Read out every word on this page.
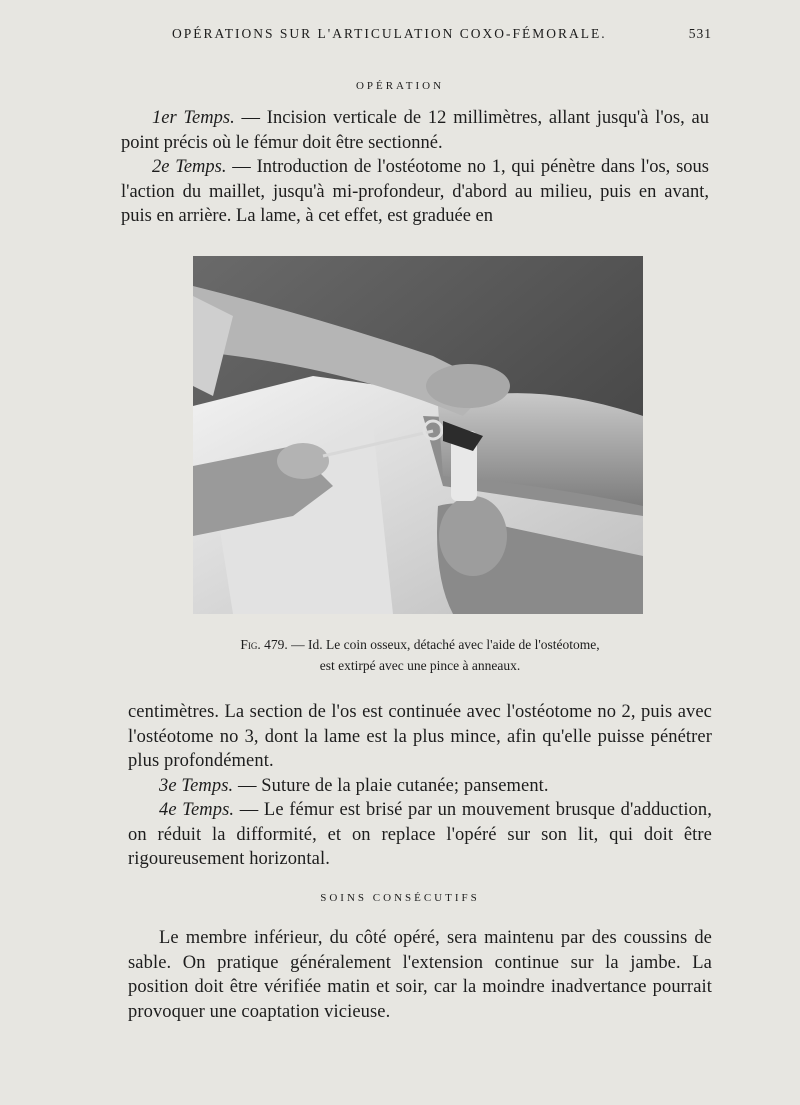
OPÉRATIONS SUR L'ARTICULATION COXO-FÉMORALE.	531
OPÉRATION

1er Temps. — Incision verticale de 12 millimètres, allant jusqu'à l'os, au point précis où le fémur doit être sectionné.

2e Temps. — Introduction de l'ostéotome no 1, qui pénètre dans l'os, sous l'action du maillet, jusqu'à mi-profondeur, d'abord au milieu, puis en avant, puis en arrière. La lame, à cet effet, est graduée en

Fig. 479. — Id. Le coin osseux, détaché avec l'aide de l'ostéotome,
est extirpé avec une pince à anneaux.

centimètres. La section de l'os est continuée avec l'ostéotome no 2, puis avec l'ostéotome no 3, dont la lame est la plus mince, afin qu'elle puisse pénétrer plus profondément.

3e Temps. — Suture de la plaie cutanée; pansement.

4e Temps. — Le fémur est brisé par un mouvement brusque d'adduction, on réduit la difformité, et on replace l'opéré sur son lit, qui doit être rigoureusement horizontal.

SOINS CONSÉCUTIFS

Le membre inférieur, du côté opéré, sera maintenu par des coussins de sable. On pratique généralement l'extension continue sur la jambe. La position doit être vérifiée matin et soir, car la moindre inadvertance pourrait provoquer une coaptation vicieuse.
